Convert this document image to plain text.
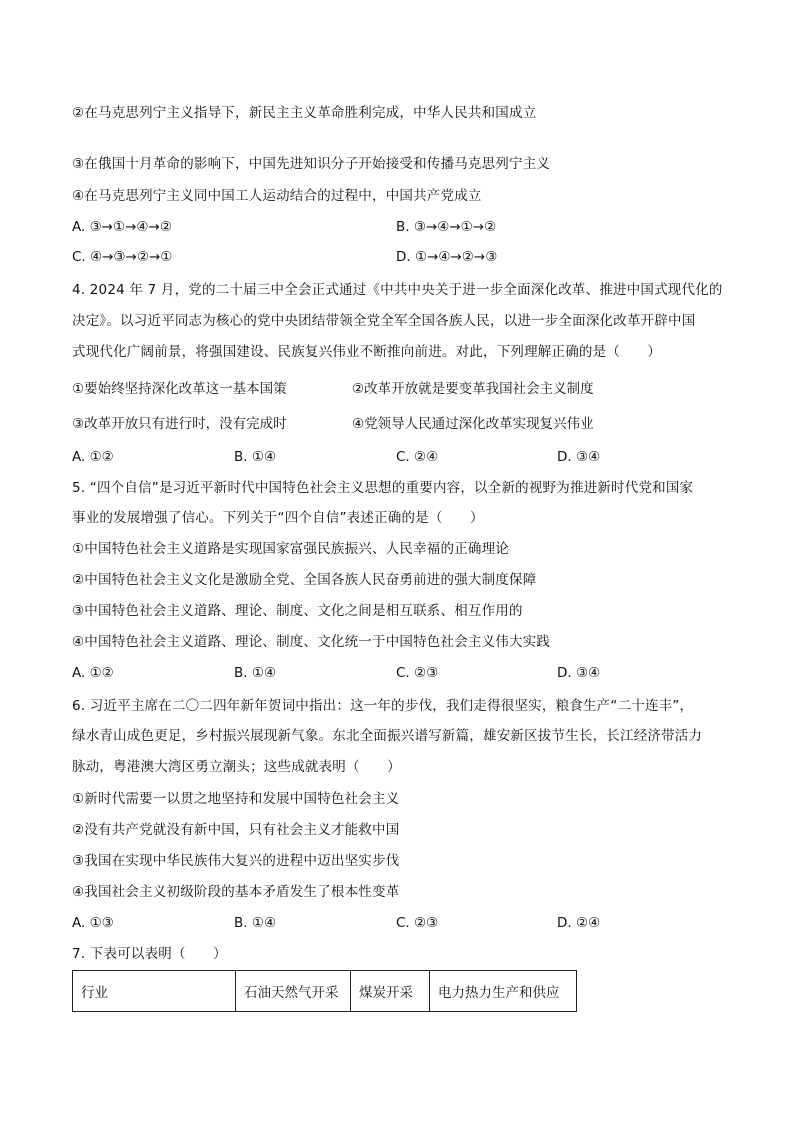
②在马克思列宁主义指导下，新民主主义革命胜利完成，中华人民共和国成立
③在俄国十月革命的影响下，中国先进知识分子开始接受和传播马克思列宁主义
④在马克思列宁主义同中国工人运动结合的过程中，中国共产党成立
A. ③→①→④→②	B. ③→④→①→②
C. ④→③→②→①	D. ①→④→②→③
4. 2024 年 7 月，党的二十届三中全会正式通过《中共中央关于进一步全面深化改革、推进中国式现代化的
决定》。以习近平同志为核心的党中央团结带领全党全军全国各族人民，以进一步全面深化改革开辟中国
式现代化广阔前景，将强国建设、民族复兴伟业不断推向前进。对此，下列理解正确的是（　　）
①要始终坚持深化改革这一基本国策	②改革开放就是要变革我国社会主义制度
③改革开放只有进行时，没有完成时	④党领导人民通过深化改革实现复兴伟业
A. ①②	B. ①④	C. ②④	D. ③④
5. “四个自信”是习近平新时代中国特色社会主义思想的重要内容，以全新的视野为推进新时代党和国家
事业的发展增强了信心。下列关于“四个自信”表述正确的是（　　）
①中国特色社会主义道路是实现国家富强民族振兴、人民幸福的正确理论
②中国特色社会主义文化是激励全党、全国各族人民奋勇前进的强大制度保障
③中国特色社会主义道路、理论、制度、文化之间是相互联系、相互作用的
④中国特色社会主义道路、理论、制度、文化统一于中国特色社会主义伟大实践
A. ①②	B. ①④	C. ②③	D. ③④
6. 习近平主席在二〇二四年新年贺词中指出：这一年的步伐，我们走得很坚实，粮食生产“二十连丰”，
绿水青山成色更足，乡村振兴展现新气象。东北全面振兴谱写新篇，雄安新区拔节生长，长江经济带活力
脉动，粤港澳大湾区勇立潮头；这些成就表明（　　）
①新时代需要一以贯之地坚持和发展中国特色社会主义
②没有共产党就没有新中国，只有社会主义才能救中国
③我国在实现中华民族伟大复兴的进程中迈出坚实步伐
④我国社会主义初级阶段的基本矛盾发生了根本性变革
A. ①③	B. ①④	C. ②③	D. ②④
7. 下表可以表明（　　）
行业	石油天然气开采	煤炭开采	电力热力生产和供应
